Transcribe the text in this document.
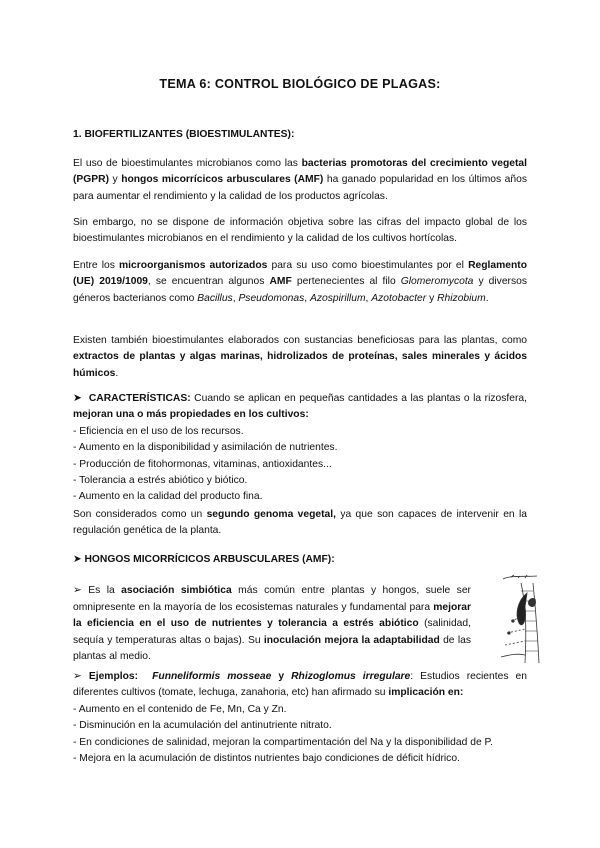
TEMA 6: CONTROL BIOLÓGICO DE PLAGAS:
1. BIOFERTILIZANTES (BIOESTIMULANTES):
El uso de bioestimulantes microbianos como las bacterias promotoras del crecimiento vegetal (PGPR) y hongos micorrícicos arbusculares (AMF) ha ganado popularidad en los últimos años para aumentar el rendimiento y la calidad de los productos agrícolas.
Sin embargo, no se dispone de información objetiva sobre las cifras del impacto global de los bioestimulantes microbianos en el rendimiento y la calidad de los cultivos hortícolas.
Entre los microorganismos autorizados para su uso como bioestimulantes por el Reglamento (UE) 2019/1009, se encuentran algunos AMF pertenecientes al filo Glomeromycota y diversos géneros bacterianos como Bacillus, Pseudomonas, Azospirillum, Azotobacter y Rhizobium.
Existen también bioestimulantes elaborados con sustancias beneficiosas para las plantas, como extractos de plantas y algas marinas, hidrolizados de proteínas, sales minerales y ácidos húmicos.
➤ CARACTERÍSTICAS: Cuando se aplican en pequeñas cantidades a las plantas o la rizosfera, mejoran una o más propiedades en los cultivos:
- Eficiencia en el uso de los recursos.
- Aumento en la disponibilidad y asimilación de nutrientes.
- Producción de fitohormonas, vitaminas, antioxidantes...
- Tolerancia a estrés abiótico y biótico.
- Aumento en la calidad del producto fina.
Son considerados como un segundo genoma vegetal, ya que son capaces de intervenir en la regulación genética de la planta.
➤ HONGOS MICORRÍCICOS ARBUSCULARES (AMF):
➢ Es la asociación simbiótica más común entre plantas y hongos, suele ser omnipresente en la mayoría de los ecosistemas naturales y fundamental para mejorar la eficiencia en el uso de nutrientes y tolerancia a estrés abiótico (salinidad, sequía y temperaturas altas o bajas). Su inoculación mejora la adaptabilidad de las plantas al medio.
➢ Ejemplos: Funneliformis mosseae y Rhizoglomus irregulare: Estudios recientes en diferentes cultivos (tomate, lechuga, zanahoria, etc) han afirmado su implicación en:
- Aumento en el contenido de Fe, Mn, Ca y Zn.
- Disminución en la acumulación del antinutriente nitrato.
- En condiciones de salinidad, mejoran la compartimentación del Na y la disponibilidad de P.
- Mejora en la acumulación de distintos nutrientes bajo condiciones de déficit hídrico.
